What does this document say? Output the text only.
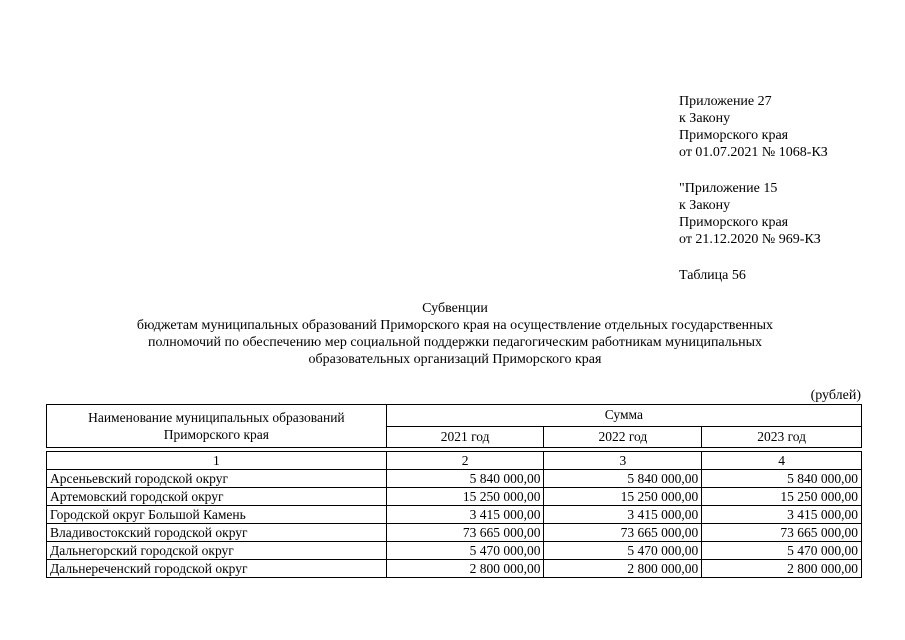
Приложение 27
к Закону
Приморского края
от 01.07.2021 № 1068-КЗ
"Приложение 15
к Закону
Приморского края
от 21.12.2020 № 969-КЗ
Таблица 56
Субвенции
бюджетам муниципальных образований Приморского края на осуществление отдельных государственных
полномочий по обеспечению мер социальной поддержки педагогическим работникам муниципальных
образовательных организаций Приморского края
(рублей)
Наименование муниципальных образований
Приморского края	Сумма		
	2021 год	2022 год	2023 год

1	2	3	4
Арсеньевский городской округ	5 840 000,00	5 840 000,00	5 840 000,00
Артемовский городской округ	15 250 000,00	15 250 000,00	15 250 000,00
Городской округ Большой Камень	3 415 000,00	3 415 000,00	3 415 000,00
Владивостокский городской округ	73 665 000,00	73 665 000,00	73 665 000,00
Дальнегорский городской округ	5 470 000,00	5 470 000,00	5 470 000,00
Дальнереченский городской округ	2 800 000,00	2 800 000,00	2 800 000,00
